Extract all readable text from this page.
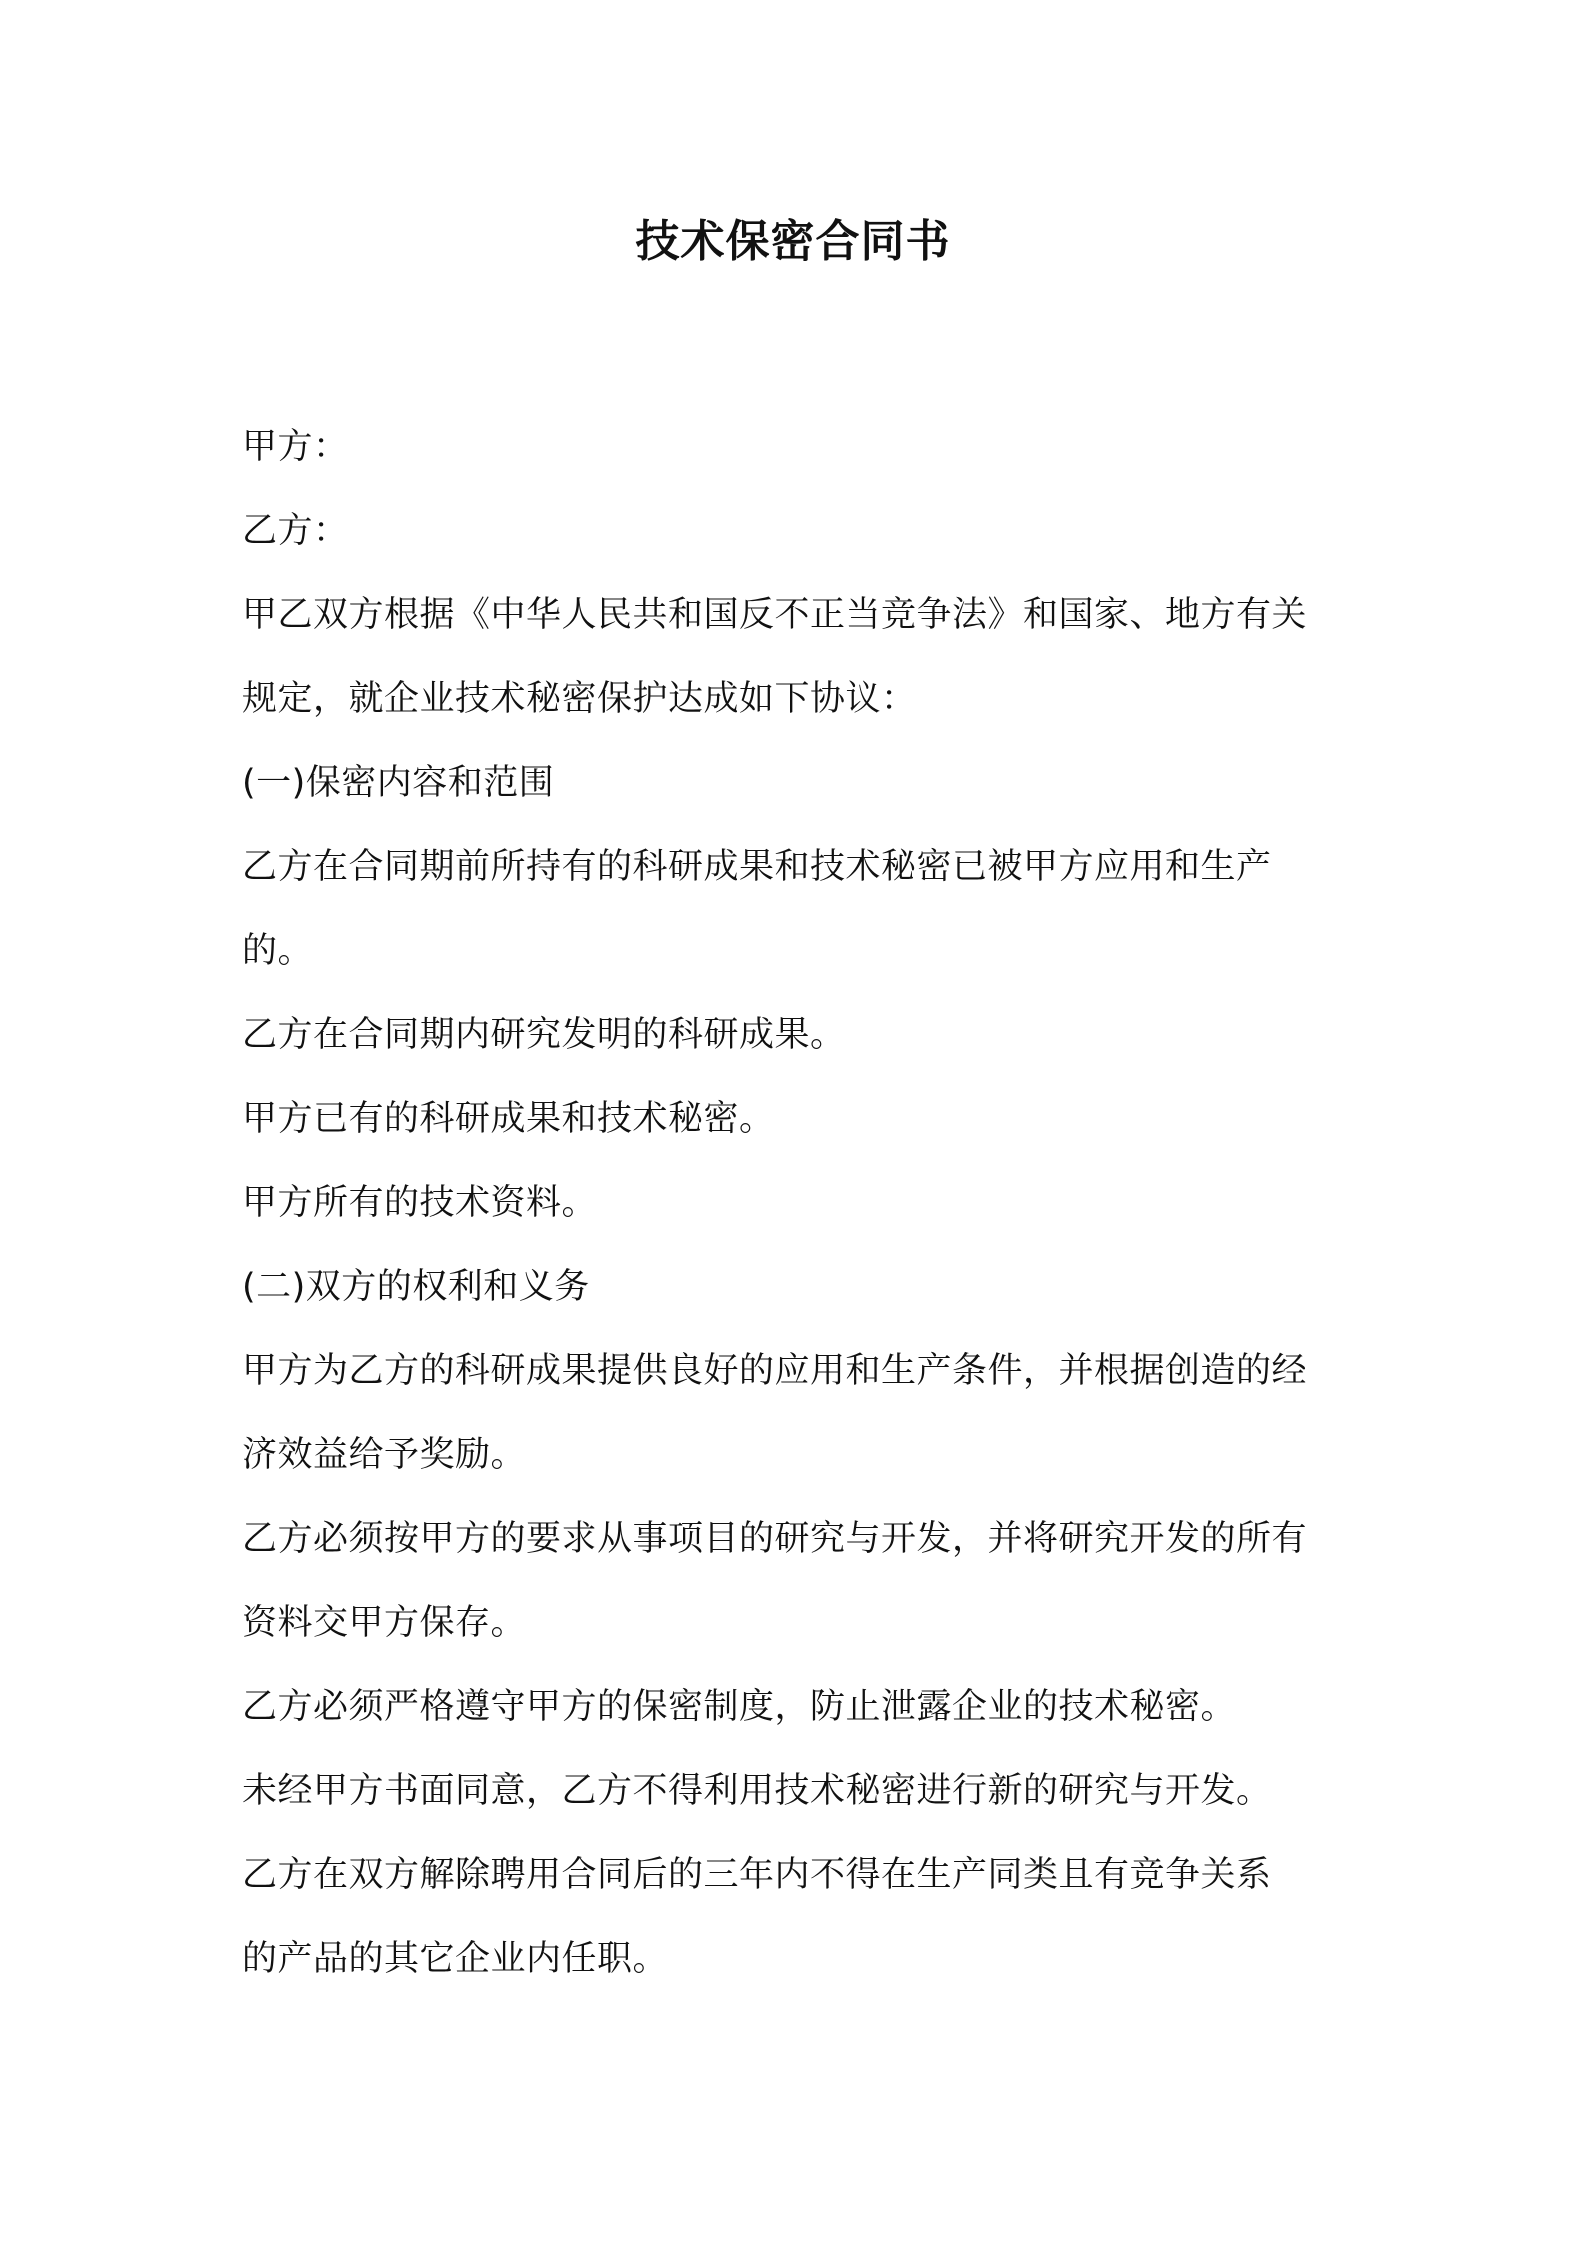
技术保密合同书
甲方：
乙方：
甲乙双方根据《中华人民共和国反不正当竞争法》和国家、地方有关
规定，就企业技术秘密保护达成如下协议：
(一)保密内容和范围
乙方在合同期前所持有的科研成果和技术秘密已被甲方应用和生产
的。
乙方在合同期内研究发明的科研成果。
甲方已有的科研成果和技术秘密。
甲方所有的技术资料。
(二)双方的权利和义务
甲方为乙方的科研成果提供良好的应用和生产条件，并根据创造的经
济效益给予奖励。
乙方必须按甲方的要求从事项目的研究与开发，并将研究开发的所有
资料交甲方保存。
乙方必须严格遵守甲方的保密制度，防止泄露企业的技术秘密。
未经甲方书面同意，乙方不得利用技术秘密进行新的研究与开发。
乙方在双方解除聘用合同后的三年内不得在生产同类且有竞争关系
的产品的其它企业内任职。
